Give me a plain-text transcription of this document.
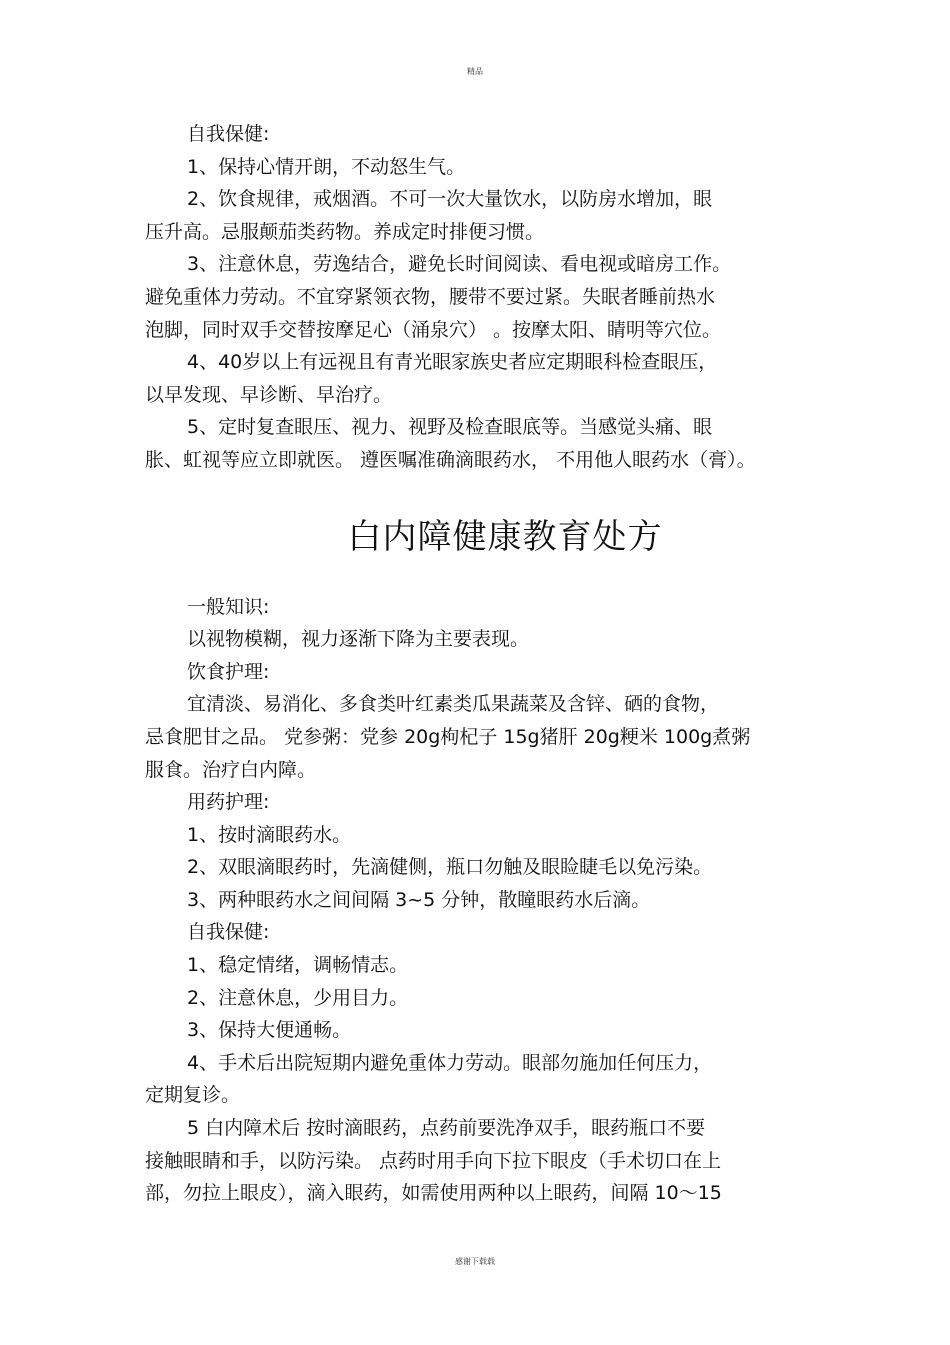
精品

自我保健:

1、保持心情开朗，不动怒生气。

2、饮食规律，戒烟酒。不可一次大量饮水，以防房水增加，眼

压升高。忌服颠茄类药物。养成定时排便习惯。

3、注意休息，劳逸结合，避免长时间阅读、看电视或暗房工作。

避免重体力劳动。不宜穿紧领衣物，腰带不要过紧。失眠者睡前热水

泡脚，同时双手交替按摩足心（涌泉穴） 。按摩太阳、睛明等穴位。

4、40岁以上有远视且有青光眼家族史者应定期眼科检查眼压，

以早发现、早诊断、早治疗。

5、定时复查眼压、视力、视野及检查眼底等。当感觉头痛、眼

胀、虹视等应立即就医。 遵医嘱准确滴眼药水， 不用他人眼药水（膏）。

白内障健康教育处方

一般知识:

以视物模糊，视力逐渐下降为主要表现。

饮食护理:

宜清淡、易消化、多食类叶红素类瓜果蔬菜及含锌、硒的食物，

忌食肥甘之品。 党参粥：党参 20g枸杞子 15g猪肝 20g粳米 100g煮粥

服食。治疗白内障。

用药护理:

1、按时滴眼药水。

2、双眼滴眼药时，先滴健侧，瓶口勿触及眼睑睫毛以免污染。

3、两种眼药水之间间隔 3~5 分钟，散瞳眼药水后滴。

自我保健:

1、稳定情绪，调畅情志。

2、注意休息，少用目力。

3、保持大便通畅。

4、手术后出院短期内避免重体力劳动。眼部勿施加任何压力，

定期复诊。

5 白内障术后 按时滴眼药，点药前要洗净双手，眼药瓶口不要

接触眼睛和手，以防污染。 点药时用手向下拉下眼皮（手术切口在上

部，勿拉上眼皮），滴入眼药，如需使用两种以上眼药，间隔 10～15

感谢下载载
